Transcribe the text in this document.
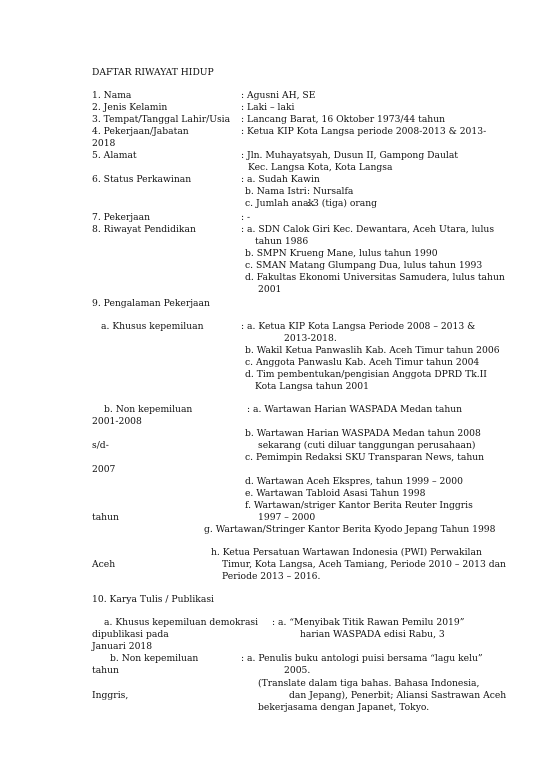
DAFTAR RIWAYAT HIDUP
1. Nama	: Agusni AH, SE
2. Jenis Kelamin	: Laki – laki
3. Tempat/Tanggal Lahir/Usia : Lancang Barat, 16 Oktober 1973/44 tahun
4. Pekerjaan/Jabatan	: Ketua KIP Kota Langsa periode 2008-2013 & 2013-
2018
5. Alamat	: Jln. Muhayatsyah, Dusun II, Gampong Daulat
Kec. Langsa Kota, Kota Langsa
6. Status Perkawinan	: a. Sudah Kawin
b. Nama Istri : Nursalfa
c. Jumlah anak
: 3 (tiga) orang
7. Pekerjaan	: -
8. Riwayat Pendidikan	: a. SDN Calok Giri Kec. Dewantara, Aceh Utara, lulus
tahun 1986
b. SMPN Krueng Mane, lulus tahun 1990
c. SMAN Matang Glumpang Dua, lulus tahun 1993
d. Fakultas Ekonomi Universitas Samudera, lulus tahun
2001
9. Pengalaman Pekerjaan
a. Khusus kepemiluan	: a. Ketua KIP Kota Langsa Periode 2008 – 2013 &
2013-2018.
b. Wakil Ketua Panwaslih Kab. Aceh Timur tahun 2006
c. Anggota Panwaslu Kab. Aceh Timur tahun 2004
d. Tim pembentukan/pengisian Anggota DPRD Tk.II
Kota Langsa tahun 2001
b. Non kepemiluan	: a. Wartawan Harian WASPADA Medan tahun
2001-2008
b. Wartawan Harian WASPADA Medan tahun 2008
s/d-	sekarang (cuti diluar tanggungan perusahaan)
c. Pemimpin Redaksi SKU Transparan News, tahun
2007
d. Wartawan Aceh Ekspres, tahun 1999 – 2000
e. Wartawan Tabloid Asasi Tahun 1998
f. Wartawan/striger Kantor Berita Reuter Inggris
tahun	1997 – 2000
g. Wartawan/Stringer Kantor Berita Kyodo Jepang Tahun 1998
h. Ketua Persatuan Wartawan Indonesia (PWI) Perwakilan
Aceh	Timur, Kota Langsa, Aceh Tamiang, Periode 2010 – 2013 dan
Periode 2013 – 2016.
10. Karya Tulis / Publikasi
a. Khusus kepemiluan demokrasi : a. “Menyibak Titik Rawan Pemilu 2019”
dipublikasi pada	harian WASPADA edisi Rabu, 3
Januari 2018
b. Non kepemiluan	: a. Penulis buku antologi puisi bersama “lagu kelu”
tahun	2005.
(Translate dalam tiga bahas. Bahasa Indonesia,
Inggris,	dan Jepang), Penerbit; Aliansi Sastrawan Aceh
bekerjasama dengan Japanet, Tokyo.
